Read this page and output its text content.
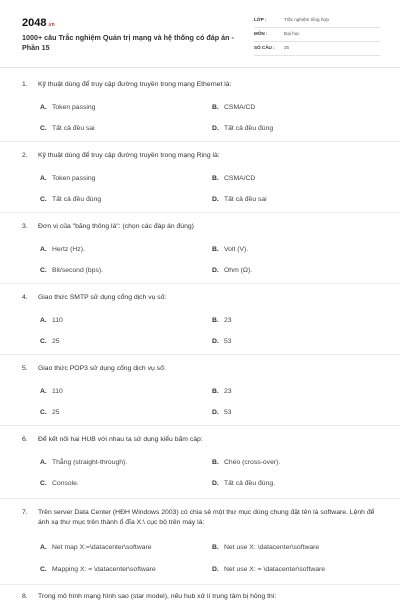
2048.vn
1000+ câu Trắc nghiệm Quản trị mạng và hệ thống có đáp án - Phần 15
LỚP :	Trắc nghiệm tổng hợp
MÔN :	Đại học
SỐ CÂU : 25
1. Kỹ thuật dùng để truy cập đường truyền trong mạng Ethernet là:
A. Token passing	B. CSMA/CD
C. Tất cả đều sai	D. Tất cả đều đúng
2. Kỹ thuật dùng để truy cập đường truyền trong mạng Ring là:
A. Token passing	B. CSMA/CD
C. Tất cả đều đúng	D. Tất cả đều sai
3. Đơn vị của "băng thông là": (chọn các đáp án đúng)
A. Hertz (Hz).	B. Volt (V).
C. Bit/second (bps).	D. Ohm (Ω).
4. Giao thức SMTP sử dụng cổng dịch vụ số:
A. 110	B. 23
C. 25	D. 53
5. Giao thức POP3 sử dụng cổng dịch vụ số:
A. 110	B. 23
C. 25	D. 53
6. Để kết nối hai HUB với nhau ta sử dụng kiểu bấm cáp:
A. Thẳng (straight-through).	B. Chéo (cross-over).
C. Console.	D. Tất cả đều đúng.
7. Trên server Data Center (HĐH Windows 2003) có chia sẻ một thư mục dùng chung đặt tên là software. Lệnh để ánh xạ thư mục trên thành ổ đĩa X:\ cục bộ trên máy là:
A. Net map X:=\datacenter\software	B. Net use X: \datacenter\software
C. Mapping X: = \datacenter\software	D. Net use X: = \datacenter\software
8. Trong mô hình mạng hình sao (star model), nếu hub xử lí trung tâm bị hỏng thì:
